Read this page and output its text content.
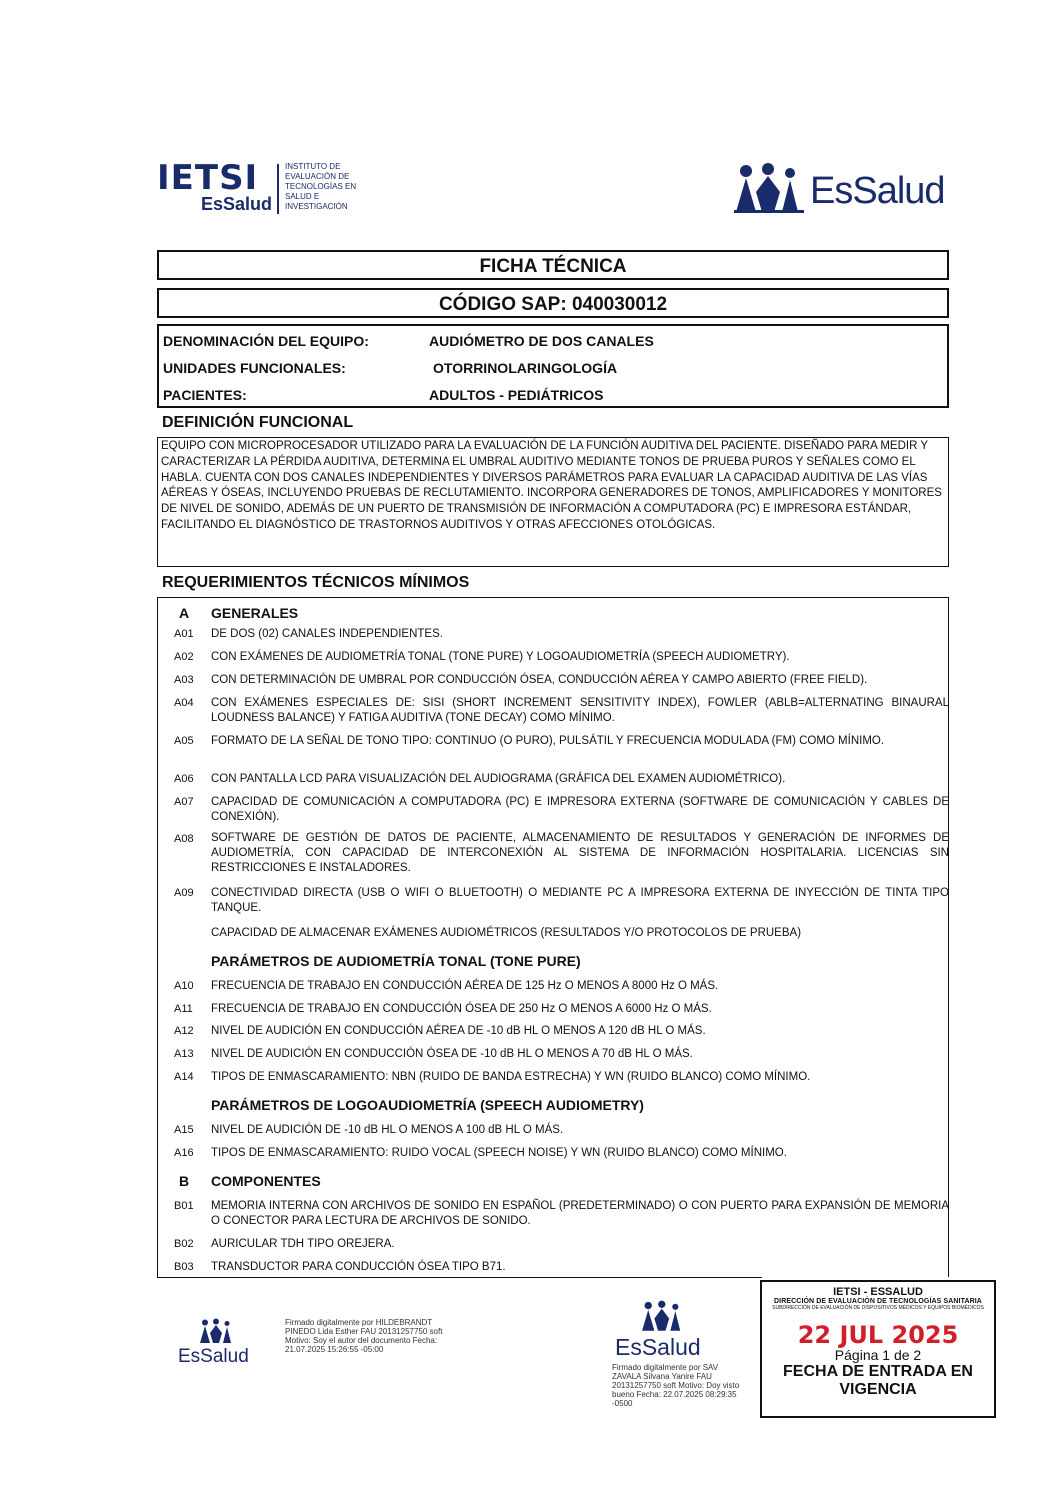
IETSI
EsSalud
INSTITUTO DE EVALUACIÓN DE TECNOLOGÍAS EN SALUD E INVESTIGACIÓN	EsSalud
FICHA TÉCNICA
CÓDIGO SAP: 040030012
DENOMINACIÓN DEL EQUIPO:	AUDIÓMETRO DE DOS CANALES
UNIDADES FUNCIONALES:	OTORRINOLARINGOLOGÍA
PACIENTES:	ADULTOS - PEDIÁTRICOS
DEFINICIÓN FUNCIONAL
EQUIPO CON MICROPROCESADOR UTILIZADO PARA LA EVALUACIÓN DE LA FUNCIÓN AUDITIVA DEL PACIENTE. DISEÑADO PARA MEDIR Y CARACTERIZAR LA PÉRDIDA AUDITIVA, DETERMINA EL UMBRAL AUDITIVO MEDIANTE TONOS DE PRUEBA PUROS Y SEÑALES COMO EL HABLA. CUENTA CON DOS CANALES INDEPENDIENTES Y DIVERSOS PARÁMETROS PARA EVALUAR LA CAPACIDAD AUDITIVA DE LAS VÍAS AÉREAS Y ÓSEAS, INCLUYENDO PRUEBAS DE RECLUTAMIENTO. INCORPORA GENERADORES DE TONOS, AMPLIFICADORES Y MONITORES DE NIVEL DE SONIDO, ADEMÁS DE UN PUERTO DE TRANSMISIÓN DE INFORMACIÓN A COMPUTADORA (PC) E IMPRESORA ESTÁNDAR, FACILITANDO EL DIAGNÓSTICO DE TRASTORNOS AUDITIVOS Y OTRAS AFECCIONES OTOLÓGICAS.
REQUERIMIENTOS TÉCNICOS MÍNIMOS
A GENERALES
A01	DE DOS (02) CANALES INDEPENDIENTES.
A02	CON EXÁMENES DE AUDIOMETRÍA TONAL (TONE PURE) Y LOGOAUDIOMETRÍA (SPEECH AUDIOMETRY).
A03	CON DETERMINACIÓN DE UMBRAL POR CONDUCCIÓN ÓSEA, CONDUCCIÓN AÉREA Y CAMPO ABIERTO (FREE FIELD).
A04	CON EXÁMENES ESPECIALES DE: SISI (SHORT INCREMENT SENSITIVITY INDEX), FOWLER (ABLB=ALTERNATING BINAURAL LOUDNESS BALANCE) Y FATIGA AUDITIVA (TONE DECAY) COMO MÍNIMO.
A05	FORMATO DE LA SEÑAL DE TONO TIPO: CONTINUO (O PURO), PULSÁTIL Y FRECUENCIA MODULADA (FM) COMO MÍNIMO.
A06	CON PANTALLA LCD PARA VISUALIZACIÓN DEL AUDIOGRAMA (GRÁFICA DEL EXAMEN AUDIOMÉTRICO).
A07	CAPACIDAD DE COMUNICACIÓN A COMPUTADORA (PC) E IMPRESORA EXTERNA (SOFTWARE DE COMUNICACIÓN Y CABLES DE CONEXIÓN).
A08	SOFTWARE DE GESTIÓN DE DATOS DE PACIENTE, ALMACENAMIENTO DE RESULTADOS Y GENERACIÓN DE INFORMES DE AUDIOMETRÍA, CON CAPACIDAD DE INTERCONEXIÓN AL SISTEMA DE INFORMACIÓN HOSPITALARIA. LICENCIAS SIN RESTRICCIONES E INSTALADORES.
A09	CONECTIVIDAD DIRECTA (USB O WIFI O BLUETOOTH) O MEDIANTE PC A IMPRESORA EXTERNA DE INYECCIÓN DE TINTA TIPO TANQUE.
CAPACIDAD DE ALMACENAR EXÁMENES AUDIOMÉTRICOS (RESULTADOS Y/O PROTOCOLOS DE PRUEBA)
PARÁMETROS DE AUDIOMETRÍA TONAL (TONE PURE)
A10	FRECUENCIA DE TRABAJO EN CONDUCCIÓN AÉREA DE 125 Hz O MENOS A 8000 Hz O MÁS.
A11	FRECUENCIA DE TRABAJO EN CONDUCCIÓN ÓSEA DE 250 Hz O MENOS A 6000 Hz O MÁS.
A12	NIVEL DE AUDICIÓN EN CONDUCCIÓN AÉREA DE -10 dB HL O MENOS A 120 dB HL O MÁS.
A13	NIVEL DE AUDICIÓN EN CONDUCCIÓN ÓSEA DE -10 dB HL O MENOS A 70 dB HL O MÁS.
A14	TIPOS DE ENMASCARAMIENTO: NBN (RUIDO DE BANDA ESTRECHA) Y WN (RUIDO BLANCO) COMO MÍNIMO.
PARÁMETROS DE LOGOAUDIOMETRÍA (SPEECH AUDIOMETRY)
A15	NIVEL DE AUDICIÓN DE -10 dB HL O MENOS A 100 dB HL O MÁS.
A16	TIPOS DE ENMASCARAMIENTO: RUIDO VOCAL (SPEECH NOISE) Y WN (RUIDO BLANCO) COMO MÍNIMO.
B COMPONENTES
B01	MEMORIA INTERNA CON ARCHIVOS DE SONIDO EN ESPAÑOL (PREDETERMINADO) O CON PUERTO PARA EXPANSIÓN DE MEMORIA O CONECTOR PARA LECTURA DE ARCHIVOS DE SONIDO.
B02	AURICULAR TDH TIPO OREJERA.
B03	TRANSDUCTOR PARA CONDUCCIÓN ÓSEA TIPO B71.
EsSalud
Firmado digitalmente por HILDEBRANDT PINEDO Lida Esther FAU 20131257750 soft Motivo: Soy el autor del documento Fecha: 21.07.2025 15:26:55 -05:00	EsSalud
Firmado digitalmente por SAV ZAVALA Silvana Yanire FAU 20131257750 soft Motivo: Doy visto bueno Fecha: 22.07.2025 08:29:35 -0500
IETSI - ESSALUD
DIRECCIÓN DE EVALUACIÓN DE TECNOLOGÍAS SANITARIA
SUBDIRECCIÓN DE EVALUACIÓN DE DISPOSITIVOS MÉDICOS Y EQUIPOS BIOMÉDICOS
22 JUL 2025
Página 1 de 2
FECHA DE ENTRADA EN VIGENCIA
